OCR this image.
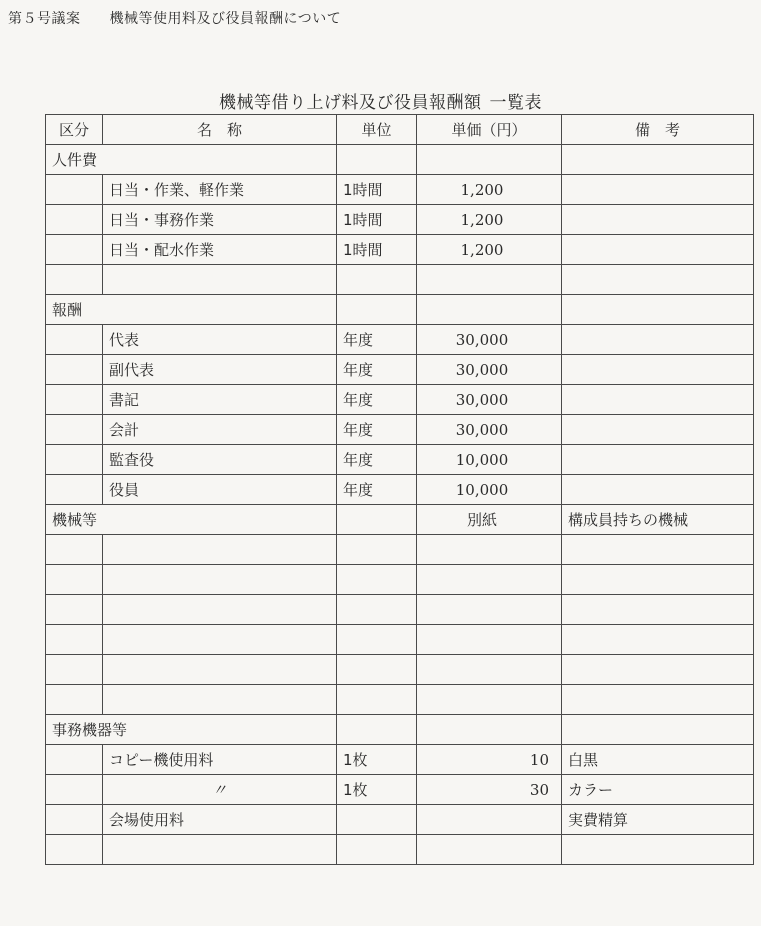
第５号議案　　機械等使用料及び役員報酬について
機械等借り上げ料及び役員報酬額 一覧表
区分	名　称	単位	単価（円）	備　考
人件費				
	日当・作業、軽作業	1時間	1,200	
	日当・事務作業	1時間	1,200	
	日当・配水作業	1時間	1,200	

報酬				
	代表	年度	30,000	
	副代表	年度	30,000	
	書記	年度	30,000	
	会計	年度	30,000	
	監査役	年度	10,000	
	役員	年度	10,000	
機械等			別紙	構成員持ちの機械

事務機器等				
	コピー機使用料	1枚	10	白黒
	〃	1枚	30	カラー
	会場使用料			実費精算
